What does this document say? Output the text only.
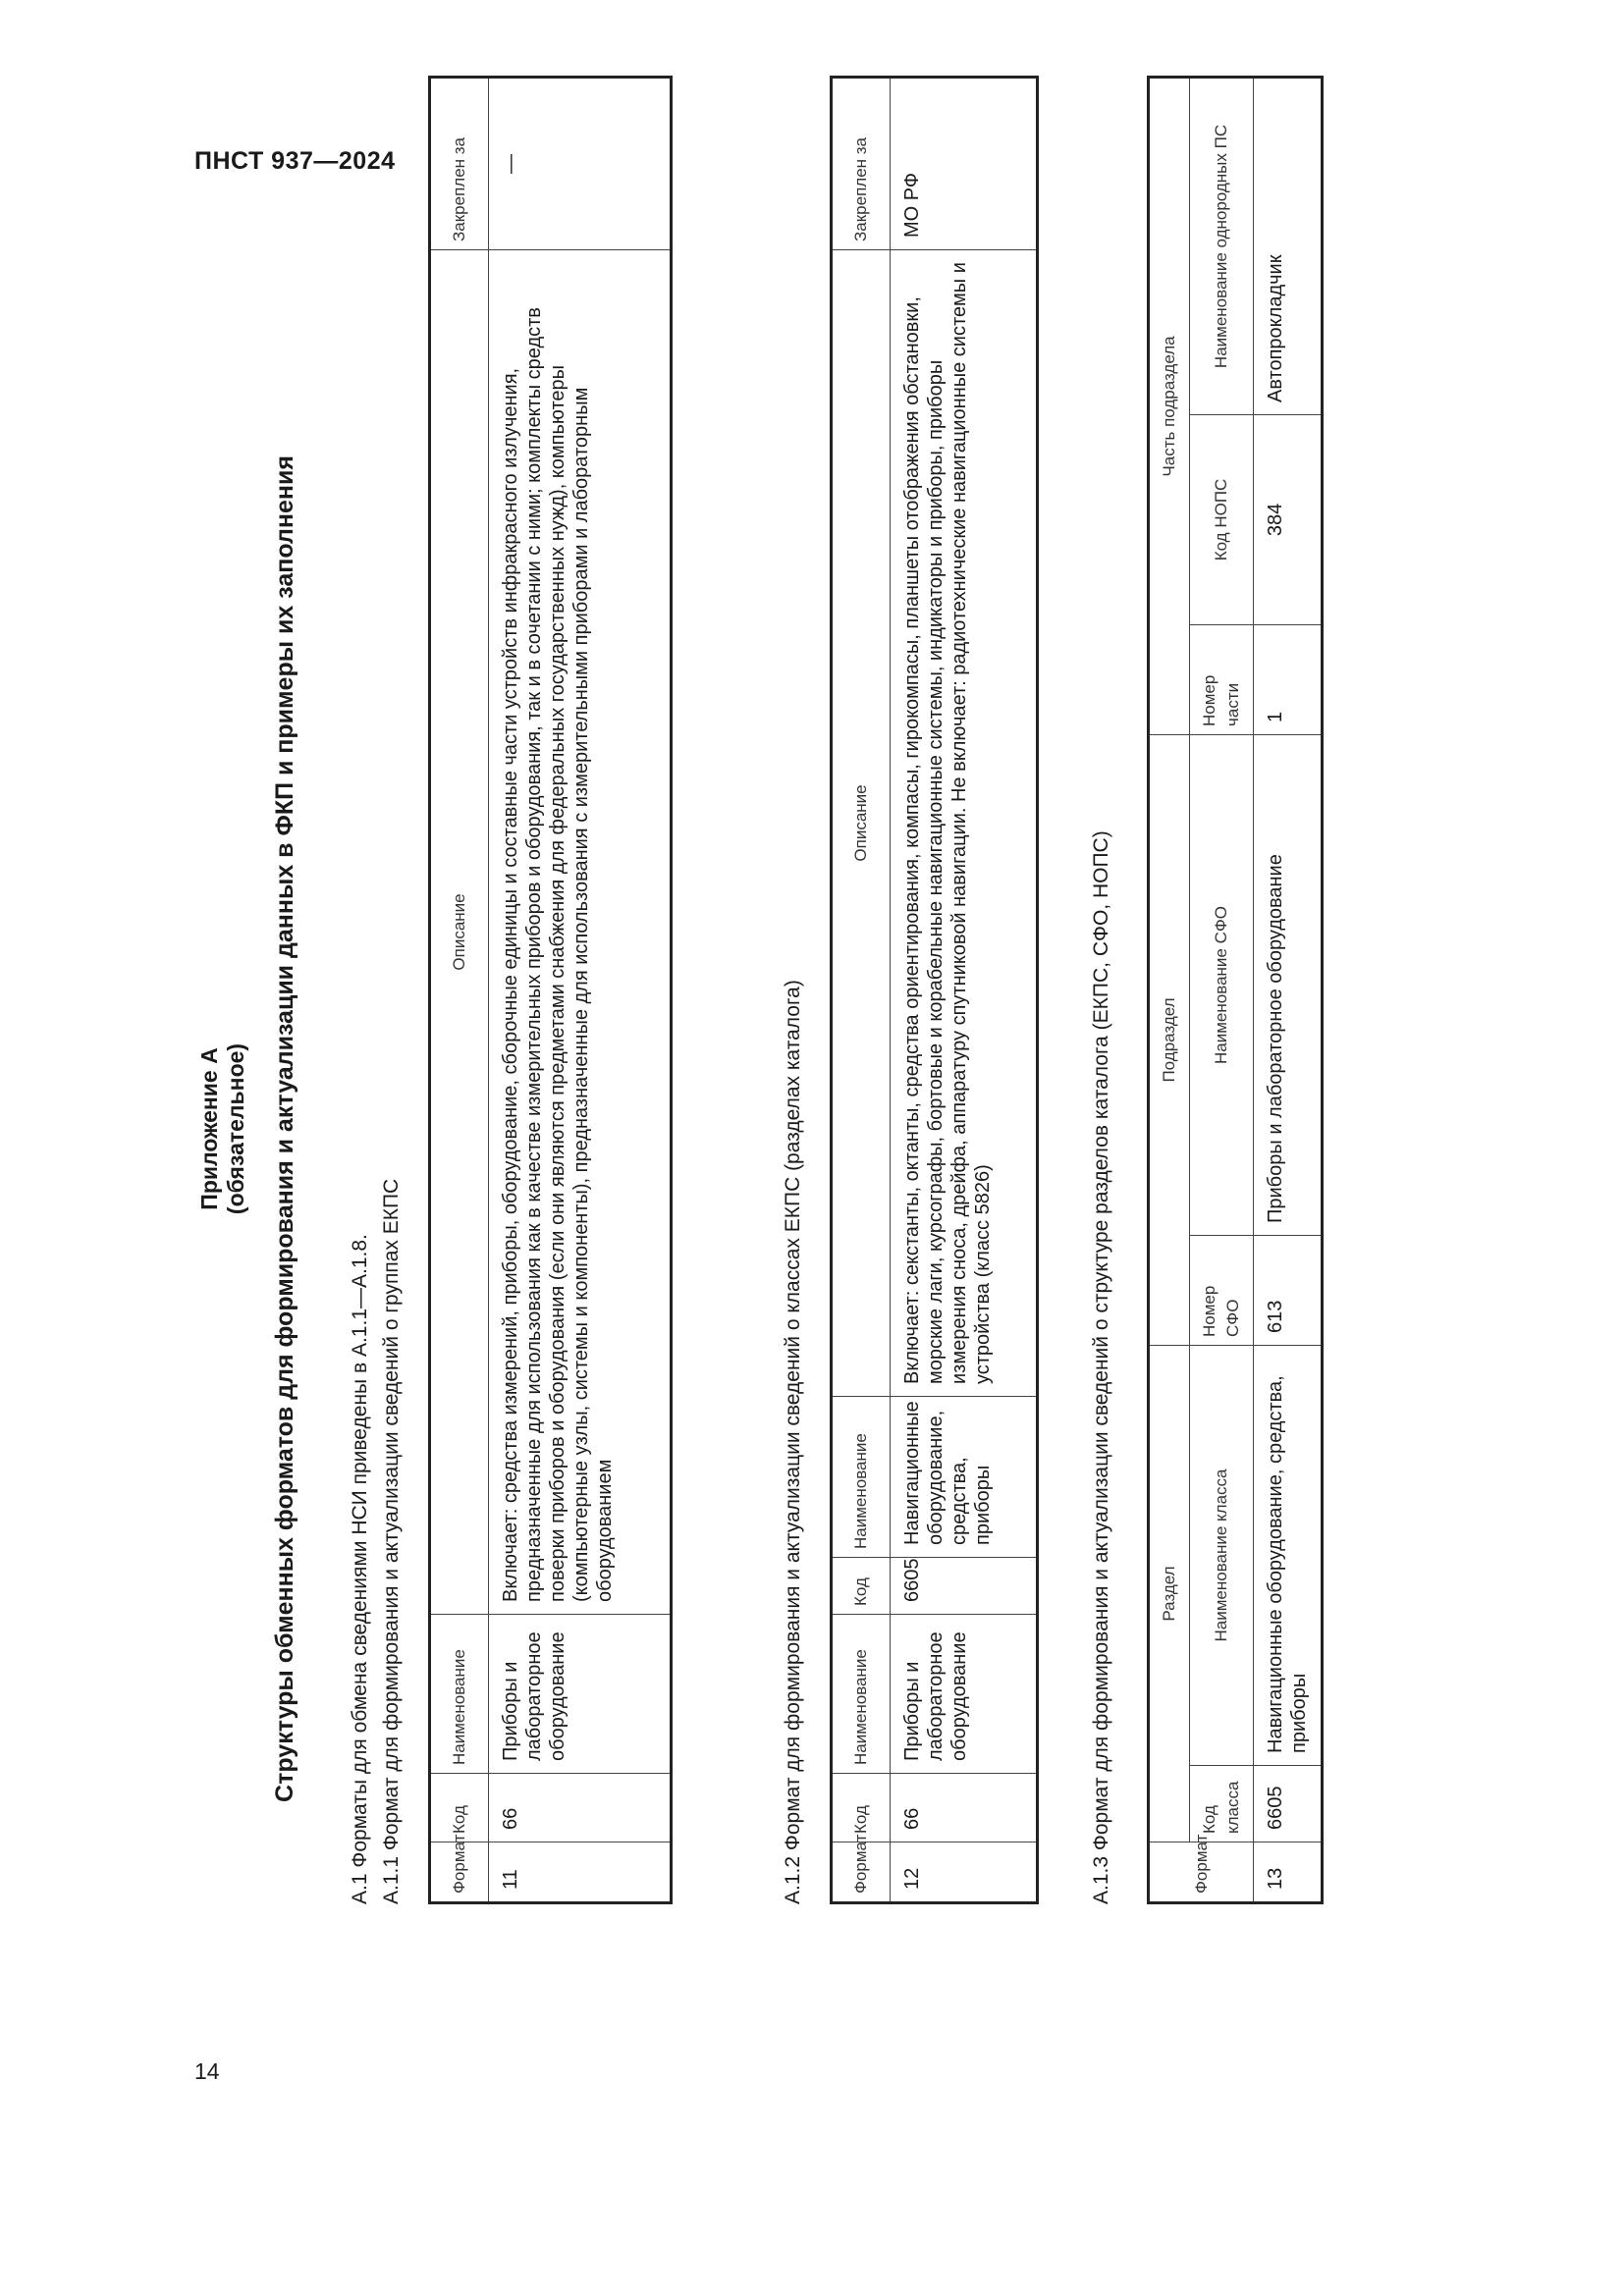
ПНСТ 937—2024
14
Приложение А (обязательное) Структуры обменных форматов для формирования и актуализации данных в ФКП и примеры их заполнения А.1 Форматы для обмена сведениями НСИ приведены в А.1.1—А.1.8. А.1.1 Формат для формирования и актуализации сведений о группах ЕКПС	Формат	Код	Наименование	Описание	Закреплен за
11	66	Приборы и лабораторное оборудование	Включает: средства измерений, приборы, оборудование, сборочные единицы и составные части устройств инфракрасного излучения, предназначенные для использования как в качестве измерительных приборов и оборудования, так и в сочетании с ними; комплекты средств поверки приборов и оборудования (если они являются предметами снабжения для федеральных государственных нужд), компьютеры (компьютерные узлы, системы и компоненты), предназначенные для использования с измерительными приборами и лабораторным оборудованием	—
А.1.2 Формат для формирования и актуализации сведений о классах ЕКПС (разделах каталога)	Формат	Код	Наименование	Код	Наименование	Описание	Закреплен за
12	66	Приборы и лабораторное оборудование	6605	Навигационные оборудование, средства, приборы	Включает: секстанты, октанты, средства ориентирования, компасы, гирокомпасы, планшеты отображения обстановки, морские лаги, курсографы, бортовые и корабельные навигационные системы, индикаторы и приборы, приборы измерения сноса, дрейфа, аппаратуру спутниковой навигации. Не включает: радиотехнические навигационные системы и устройства (класс 5826)	МО РФ
А.1.3 Формат для формирования и актуализации сведений о структуре разделов каталога (ЕКПС, СФО, НОПС)	Формат	Раздел		Подраздел		Часть подраздела		
	Код класса	Наименование класса	Номер СФО	Наименование СФО	Номер части	Код НОПС	Наименование однородных ПС
13	6605	Навигационные оборудование, средства, приборы	613	Приборы и лабораторное оборудование	1	384	Автопрокладчик
